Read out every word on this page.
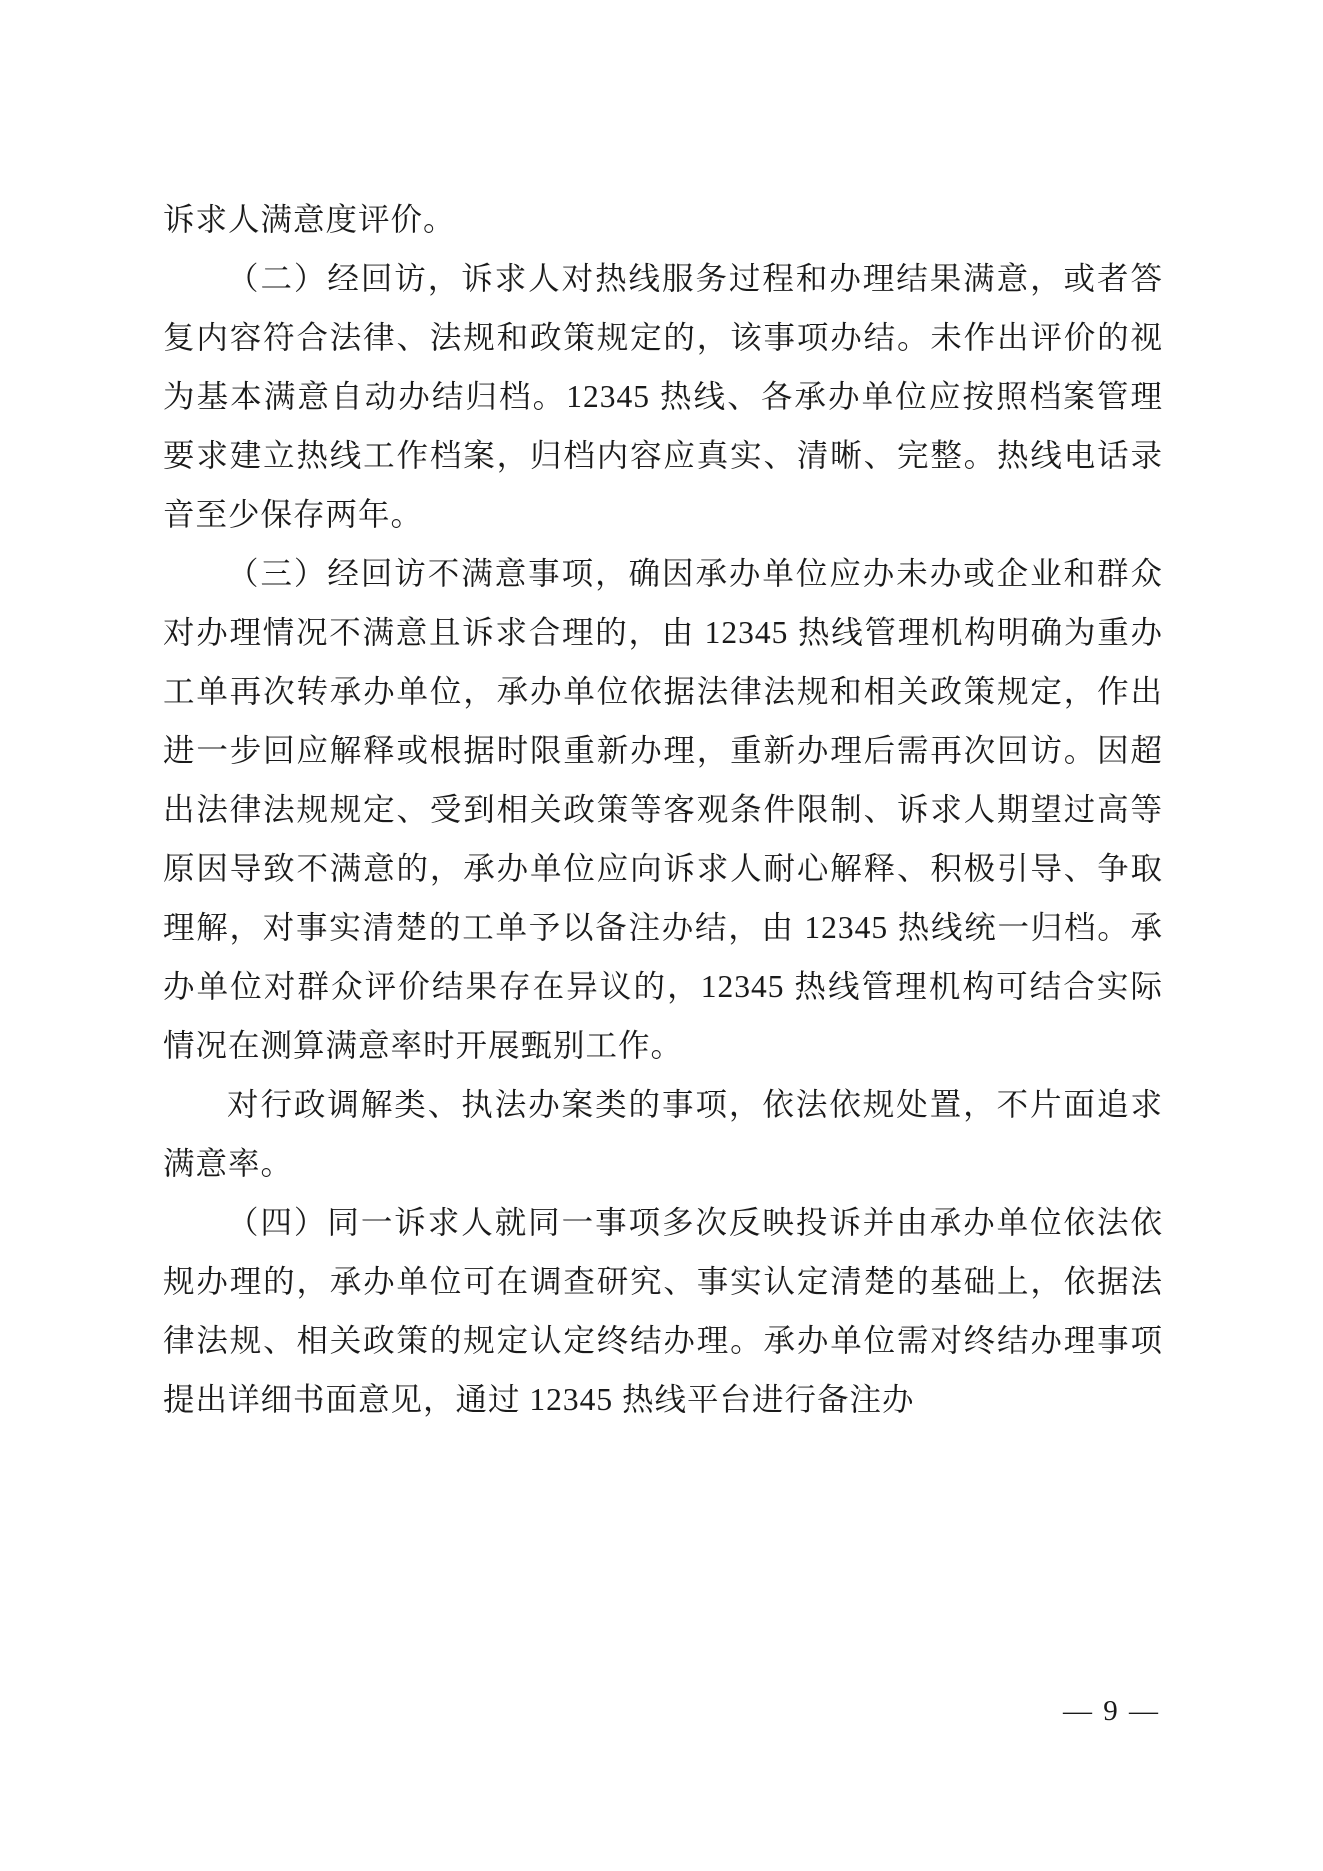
诉求人满意度评价。

（二）经回访，诉求人对热线服务过程和办理结果满意，或者答复内容符合法律、法规和政策规定的，该事项办结。未作出评价的视为基本满意自动办结归档。12345 热线、各承办单位应按照档案管理要求建立热线工作档案，归档内容应真实、清晰、完整。热线电话录音至少保存两年。

（三）经回访不满意事项，确因承办单位应办未办或企业和群众对办理情况不满意且诉求合理的，由 12345 热线管理机构明确为重办工单再次转承办单位，承办单位依据法律法规和相关政策规定，作出进一步回应解释或根据时限重新办理，重新办理后需再次回访。因超出法律法规规定、受到相关政策等客观条件限制、诉求人期望过高等原因导致不满意的，承办单位应向诉求人耐心解释、积极引导、争取理解，对事实清楚的工单予以备注办结，由 12345 热线统一归档。承办单位对群众评价结果存在异议的，12345 热线管理机构可结合实际情况在测算满意率时开展甄别工作。

对行政调解类、执法办案类的事项，依法依规处置，不片面追求满意率。

（四）同一诉求人就同一事项多次反映投诉并由承办单位依法依规办理的，承办单位可在调查研究、事实认定清楚的基础上，依据法律法规、相关政策的规定认定终结办理。承办单位需对终结办理事项提出详细书面意见，通过 12345 热线平台进行备注办

— 9 —
